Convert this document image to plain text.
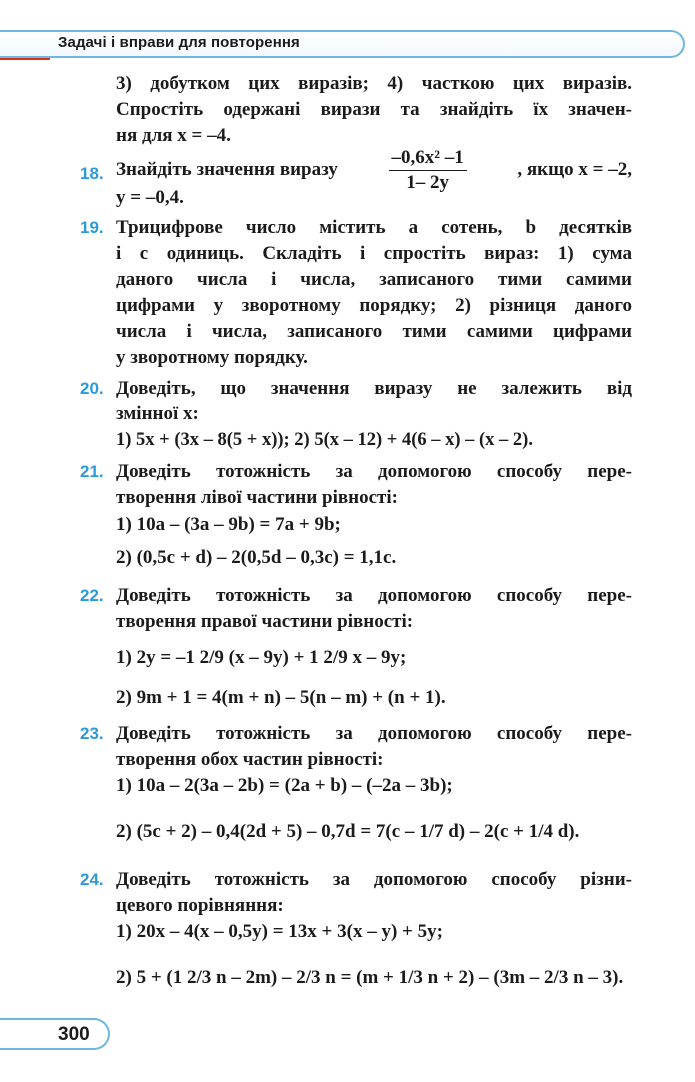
Задачі і вправи для повторення
3) добутком цих виразів; 4) часткою цих виразів.
Спростіть одержані вирази та знайдіть їх значен-
ня для x = –4.
18. Знайдіть значення виразу	$\frac{\text{–0,6x² –1}}{1- 2y}$	, якщо x = –2,
y = –0,4.
19. Трицифрове число містить a сотень, b десятків
і c одиниць. Складіть і спростіть вираз: 1) сума
даного числа і числа, записаного тими самими
цифрами у зворотному порядку; 2) різниця даного
числа і числа, записаного тими самими цифрами
у зворотному порядку.
20. Доведіть, що значення виразу не залежить від
змінної x:
1) 5x + (3x – 8(5 + x)); 2) 5(x – 12) + 4(6 – x) – (x – 2).
21. Доведіть тотожність за допомогою способу пере-
творення лівої частини рівності:
1) 10a – (3a – 9b) = 7a + 9b;
2) (0,5c + d) – 2(0,5d – 0,3c) = 1,1c.
22. Доведіть тотожність за допомогою способу пере-
творення правої частини рівності:
1) 2y = –1 2/9 (x – 9y) + 1 2/9 x – 9y;
2) 9m + 1 = 4(m + n) – 5(n – m) + (n + 1).
23. Доведіть тотожність за допомогою способу пере-
творення обох частин рівності:
1) 10a – 2(3a – 2b) = (2a + b) – (–2a – 3b);
2) (5c + 2) – 0,4(2d + 5) – 0,7d = 7(c – 1/7 d) – 2(c + 1/4 d).
24. Доведіть тотожність за допомогою способу різни-
цевого порівняння:
1) 20x – 4(x – 0,5y) = 13x + 3(x – y) + 5y;
2) 5 + (1 2/3 n – 2m) – 2/3 n = (m + 1/3 n + 2) – (3m – 2/3 n – 3).
300
